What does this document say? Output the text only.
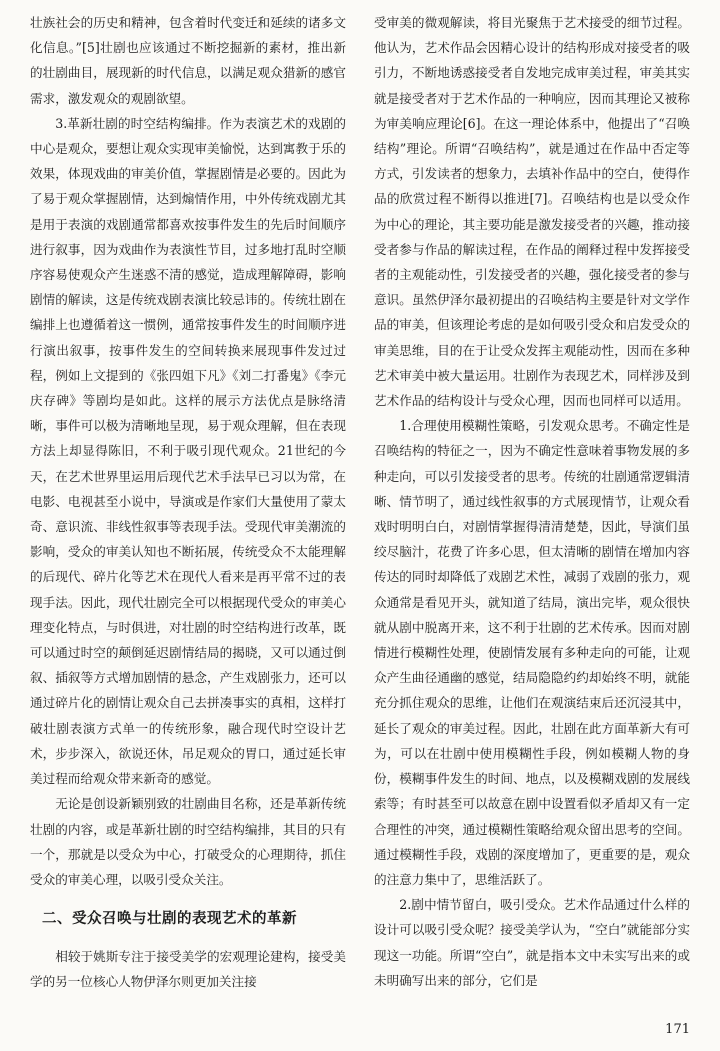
壮族社会的历史和精神，包含着时代变迁和延续的诸多文化信息。”[5]壮剧也应该通过不断挖掘新的素材，推出新的壮剧曲目，展现新的时代信息，以满足观众猎新的感官需求，激发观众的观剧欲望。

3.革新壮剧的时空结构编排。作为表演艺术的戏剧的中心是观众，要想让观众实现审美愉悦，达到寓教于乐的效果，体现戏曲的审美价值，掌握剧情是必要的。因此为了易于观众掌握剧情，达到煽情作用，中外传统戏剧尤其是用于表演的戏剧通常都喜欢按事件发生的先后时间顺序进行叙事，因为戏曲作为表演性节目，过多地打乱时空顺序容易使观众产生迷惑不清的感觉，造成理解障碍，影响剧情的解读，这是传统戏剧表演比较忌讳的。传统壮剧在编排上也遵循着这一惯例，通常按事件发生的时间顺序进行演出叙事，按事件发生的空间转换来展现事件发过过程，例如上文提到的《张四姐下凡》《刘二打番鬼》《李元庆存碑》等剧均是如此。这样的展示方法优点是脉络清晰，事件可以极为清晰地呈现，易于观众理解，但在表现方法上却显得陈旧，不利于吸引现代观众。21世纪的今天，在艺术世界里运用后现代艺术手法早已习以为常，在电影、电视甚至小说中，导演或是作家们大量使用了蒙太奇、意识流、非线性叙事等表现手法。受现代审美潮流的影响，受众的审美认知也不断拓展，传统受众不太能理解的后现代、碎片化等艺术在现代人看来是再平常不过的表现手法。因此，现代壮剧完全可以根据现代受众的审美心理变化特点，与时俱进，对壮剧的时空结构进行改革，既可以通过时空的颠倒延迟剧情结局的揭晓，又可以通过倒叙、插叙等方式增加剧情的悬念，产生戏剧张力，还可以通过碎片化的剧情让观众自己去拼凑事实的真相，这样打破壮剧表演方式单一的传统形象，融合现代时空设计艺术，步步深入，欲说还休，吊足观众的胃口，通过延长审美过程而给观众带来新奇的感觉。

无论是创设新颖别致的壮剧曲目名称，还是革新传统壮剧的内容，或是革新壮剧的时空结构编排，其目的只有一个，那就是以受众为中心，打破受众的心理期待，抓住受众的审美心理，以吸引受众关注。

二、受众召唤与壮剧的表现艺术的革新

相较于姚斯专注于接受美学的宏观理论建构，接受美学的另一位核心人物伊泽尔则更加关注接

受审美的微观解读，将目光聚焦于艺术接受的细节过程。他认为，艺术作品会因精心设计的结构形成对接受者的吸引力，不断地诱惑接受者自发地完成审美过程，审美其实就是接受者对于艺术作品的一种响应，因而其理论又被称为审美响应理论[6]。在这一理论体系中，他提出了“召唤结构”理论。所谓“召唤结构”，就是通过在作品中否定等方式，引发读者的想象力，去填补作品中的空白，使得作品的欣赏过程不断得以推进[7]。召唤结构也是以受众作为中心的理论，其主要功能是激发接受者的兴趣，推动接受者参与作品的解读过程，在作品的阐释过程中发挥接受者的主观能动性，引发接受者的兴趣，强化接受者的参与意识。虽然伊泽尔最初提出的召唤结构主要是针对文学作品的审美，但该理论考虑的是如何吸引受众和启发受众的审美思维，目的在于让受众发挥主观能动性，因而在多种艺术审美中被大量运用。壮剧作为表现艺术，同样涉及到艺术作品的结构设计与受众心理，因而也同样可以适用。

1.合理使用模糊性策略，引发观众思考。不确定性是召唤结构的特征之一，因为不确定性意味着事物发展的多种走向，可以引发接受者的思考。传统的壮剧通常逻辑清晰、情节明了，通过线性叙事的方式展现情节，让观众看戏时明明白白，对剧情掌握得清清楚楚，因此，导演们虽绞尽脑汁，花费了许多心思，但太清晰的剧情在增加内容传达的同时却降低了戏剧艺术性，减弱了戏剧的张力，观众通常是看见开头，就知道了结局，演出完毕，观众很快就从剧中脱离开来，这不利于壮剧的艺术传承。因而对剧情进行模糊性处理，使剧情发展有多种走向的可能，让观众产生曲径通幽的感觉，结局隐隐约约却始终不明，就能充分抓住观众的思维，让他们在观演结束后还沉浸其中，延长了观众的审美过程。因此，壮剧在此方面革新大有可为，可以在壮剧中使用模糊性手段，例如模糊人物的身份，模糊事件发生的时间、地点，以及模糊戏剧的发展线索等；有时甚至可以故意在剧中设置看似矛盾却又有一定合理性的冲突，通过模糊性策略给观众留出思考的空间。通过模糊性手段，戏剧的深度增加了，更重要的是，观众的注意力集中了，思维活跃了。

2.剧中情节留白，吸引受众。艺术作品通过什么样的设计可以吸引受众呢？接受美学认为，“空白”就能部分实现这一功能。所谓“空白”，就是指本文中未实写出来的或未明确写出来的部分，它们是

171
